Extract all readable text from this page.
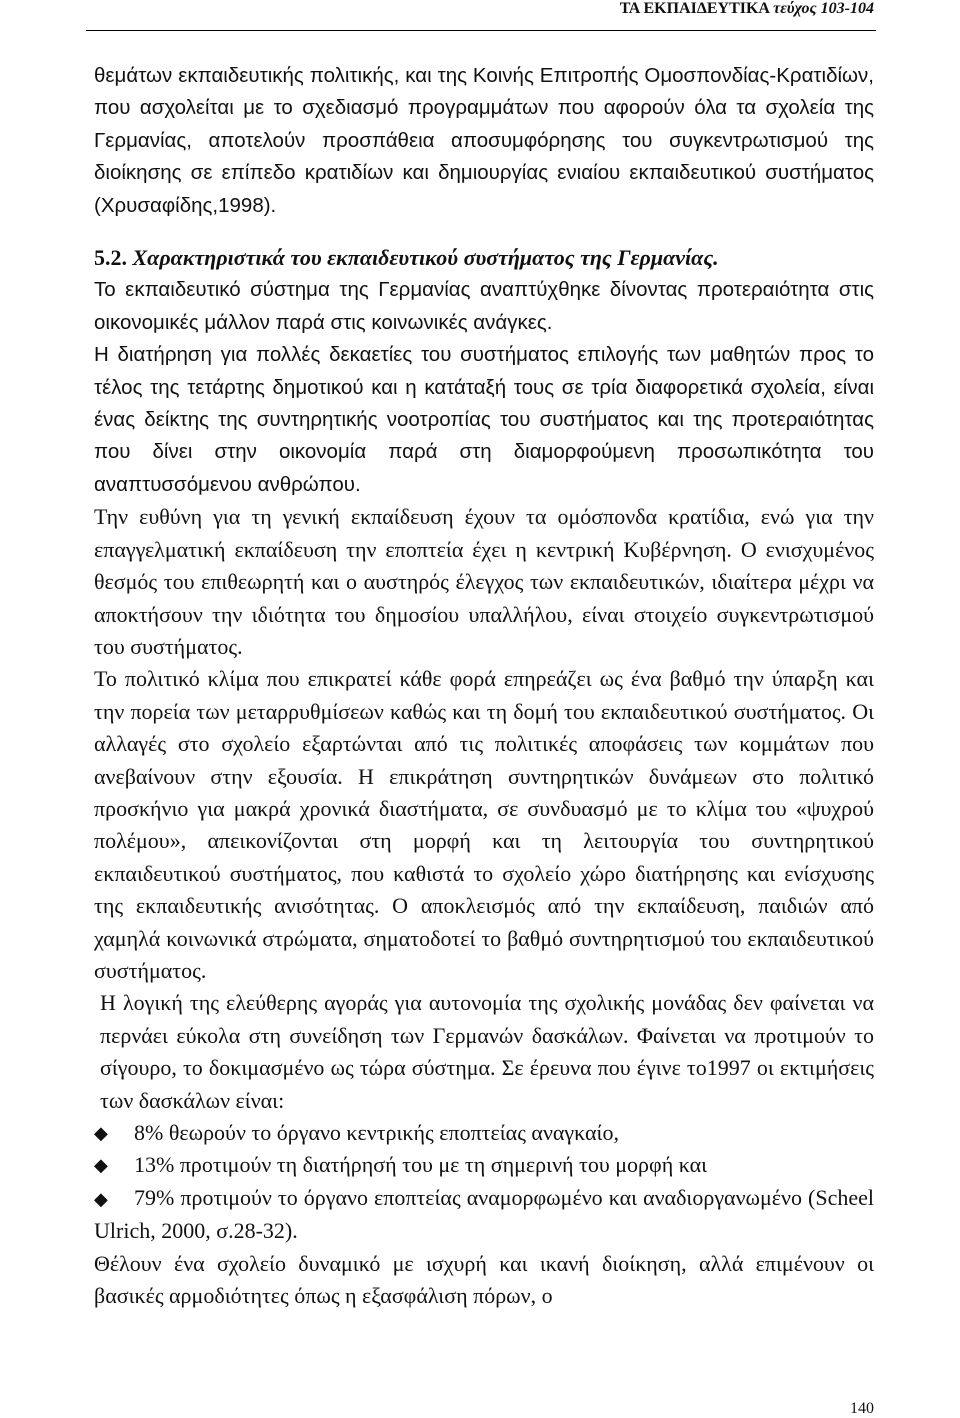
ΤΑ ΕΚΠΑΙΔΕΥΤΙΚΑ τεύχος 103-104

θεμάτων εκπαιδευτικής πολιτικής, και της Κοινής Επιτροπής Ομοσπονδίας-Κρατιδίων, που ασχολείται με το σχεδιασμό προγραμμάτων που αφορούν όλα τα σχολεία της Γερμανίας, αποτελούν προσπάθεια αποσυμφόρησης του συγκεντρωτισμού της διοίκησης σε επίπεδο κρατιδίων και δημιουργίας ενιαίου εκπαιδευτικού συστήματος (Χρυσαφίδης,1998).

5.2. Χαρακτηριστικά του εκπαιδευτικού συστήματος της Γερμανίας.

Το εκπαιδευτικό σύστημα της Γερμανίας αναπτύχθηκε δίνοντας προτεραιότητα στις οικονομικές μάλλον παρά στις κοινωνικές ανάγκες.

Η διατήρηση για πολλές δεκαετίες του συστήματος επιλογής των μαθητών προς το τέλος της τετάρτης δημοτικού και η κατάταξή τους σε τρία διαφορετικά σχολεία, είναι ένας δείκτης της συντηρητικής νοοτροπίας του συστήματος και της προτεραιότητας που δίνει στην οικονομία παρά στη διαμορφούμενη προσωπικότητα του αναπτυσσόμενου ανθρώπου.

Την ευθύνη για τη γενική εκπαίδευση έχουν τα ομόσπονδα κρατίδια, ενώ για την επαγγελματική εκπαίδευση την εποπτεία έχει η κεντρική Κυβέρνηση. Ο ενισχυμένος θεσμός του επιθεωρητή και ο αυστηρός έλεγχος των εκπαιδευτικών, ιδιαίτερα μέχρι να αποκτήσουν την ιδιότητα του δημοσίου υπαλλήλου, είναι στοιχείο συγκεντρωτισμού του συστήματος.

Το πολιτικό κλίμα που επικρατεί κάθε φορά επηρεάζει ως ένα βαθμό την ύπαρξη και την πορεία των μεταρρυθμίσεων καθώς και τη δομή του εκπαιδευτικού συστήματος. Οι αλλαγές στο σχολείο εξαρτώνται από τις πολιτικές αποφάσεις των κομμάτων που ανεβαίνουν στην εξουσία. Η επικράτηση συντηρητικών δυνάμεων στο πολιτικό προσκήνιο για μακρά χρονικά διαστήματα, σε συνδυασμό με το κλίμα του «ψυχρού πολέμου», απεικονίζονται στη μορφή και τη λειτουργία του συντηρητικού εκπαιδευτικού συστήματος, που καθιστά το σχολείο χώρο διατήρησης και ενίσχυσης της εκπαιδευτικής ανισότητας. Ο αποκλεισμός από την εκπαίδευση, παιδιών από χαμηλά κοινωνικά στρώματα, σηματοδοτεί το βαθμό συντηρητισμού του εκπαιδευτικού συστήματος.

Η λογική της ελεύθερης αγοράς για αυτονομία της σχολικής μονάδας δεν φαίνεται να περνάει εύκολα στη συνείδηση των Γερμανών δασκάλων. Φαίνεται να προτιμούν το σίγουρο, το δοκιμασμένο ως τώρα σύστημα. Σε έρευνα που έγινε το1997 οι εκτιμήσεις των δασκάλων είναι:

◆ 8% θεωρούν το όργανο κεντρικής εποπτείας αναγκαίο,
◆ 13% προτιμούν τη διατήρησή του με τη σημερινή του μορφή και
◆ 79% προτιμούν το όργανο εποπτείας αναμορφωμένο και αναδιοργανωμένο (Scheel Ulrich, 2000, σ.28-32).

Θέλουν ένα σχολείο δυναμικό με ισχυρή και ικανή διοίκηση, αλλά επιμένουν οι βασικές αρμοδιότητες όπως η εξασφάλιση πόρων, ο

140
